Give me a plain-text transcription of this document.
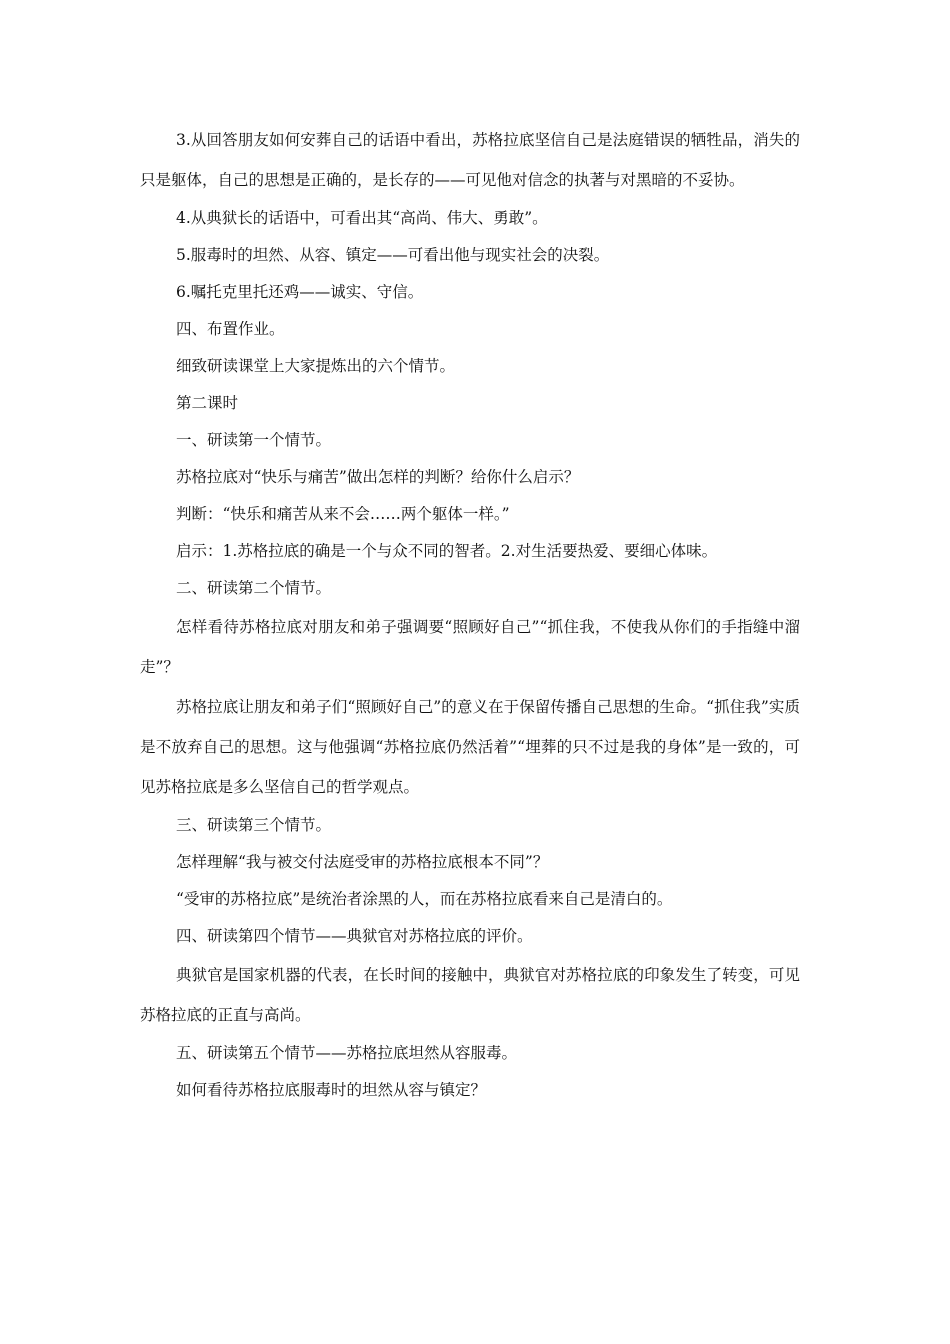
3.从回答朋友如何安葬自己的话语中看出，苏格拉底坚信自己是法庭错误的牺牲品，消失的只是躯体，自己的思想是正确的，是长存的——可见他对信念的执著与对黑暗的不妥协。

4.从典狱长的话语中，可看出其“高尚、伟大、勇敢”。

5.服毒时的坦然、从容、镇定——可看出他与现实社会的决裂。

6.嘱托克里托还鸡——诚实、守信。

四、布置作业。

细致研读课堂上大家提炼出的六个情节。

第二课时

一、研读第一个情节。

苏格拉底对“快乐与痛苦”做出怎样的判断？给你什么启示？

判断：“快乐和痛苦从来不会……两个躯体一样。”

启示：1.苏格拉底的确是一个与众不同的智者。2.对生活要热爱、要细心体味。

二、研读第二个情节。

怎样看待苏格拉底对朋友和弟子强调要“照顾好自己”“抓住我，不使我从你们的手指缝中溜走”？

苏格拉底让朋友和弟子们“照顾好自己”的意义在于保留传播自己思想的生命。“抓住我”实质是不放弃自己的思想。这与他强调“苏格拉底仍然活着”“埋葬的只不过是我的身体”是一致的，可见苏格拉底是多么坚信自己的哲学观点。

三、研读第三个情节。

怎样理解“我与被交付法庭受审的苏格拉底根本不同”？

“受审的苏格拉底”是统治者涂黑的人，而在苏格拉底看来自己是清白的。

四、研读第四个情节——典狱官对苏格拉底的评价。

典狱官是国家机器的代表，在长时间的接触中，典狱官对苏格拉底的印象发生了转变，可见苏格拉底的正直与高尚。

五、研读第五个情节——苏格拉底坦然从容服毒。

如何看待苏格拉底服毒时的坦然从容与镇定？
